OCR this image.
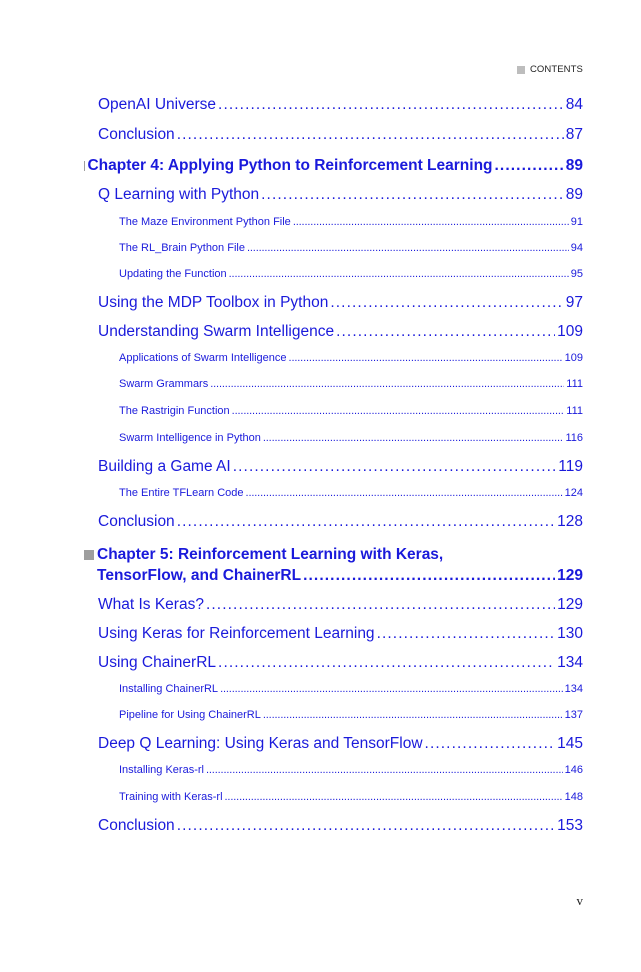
CONTENTS
OpenAI Universe . . .	84
Conclusion . . .	87
Chapter 4: Applying Python to Reinforcement Learning . . .	89
Q Learning with Python . . .	89
The Maze Environment Python File . . .	91
The RL_Brain Python File . . .	94
Updating the Function . . .	95
Using the MDP Toolbox in Python . . .	97
Understanding Swarm Intelligence . . .	109
Applications of Swarm Intelligence . . .	109
Swarm Grammars . . .	111
The Rastrigin Function . . .	111
Swarm Intelligence in Python . . .	116
Building a Game AI . . .	119
The Entire TFLearn Code . . .	124
Conclusion . . .	128
Chapter 5: Reinforcement Learning with Keras,
TensorFlow, and ChainerRL . . .	129
What Is Keras? . . .	129
Using Keras for Reinforcement Learning . . .	130
Using ChainerRL . . .	134
Installing ChainerRL . . .	134
Pipeline for Using ChainerRL . . .	137
Deep Q Learning: Using Keras and TensorFlow . . .	145
Installing Keras-rl . . .	146
Training with Keras-rl . . .	148
Conclusion . . .	153
v
